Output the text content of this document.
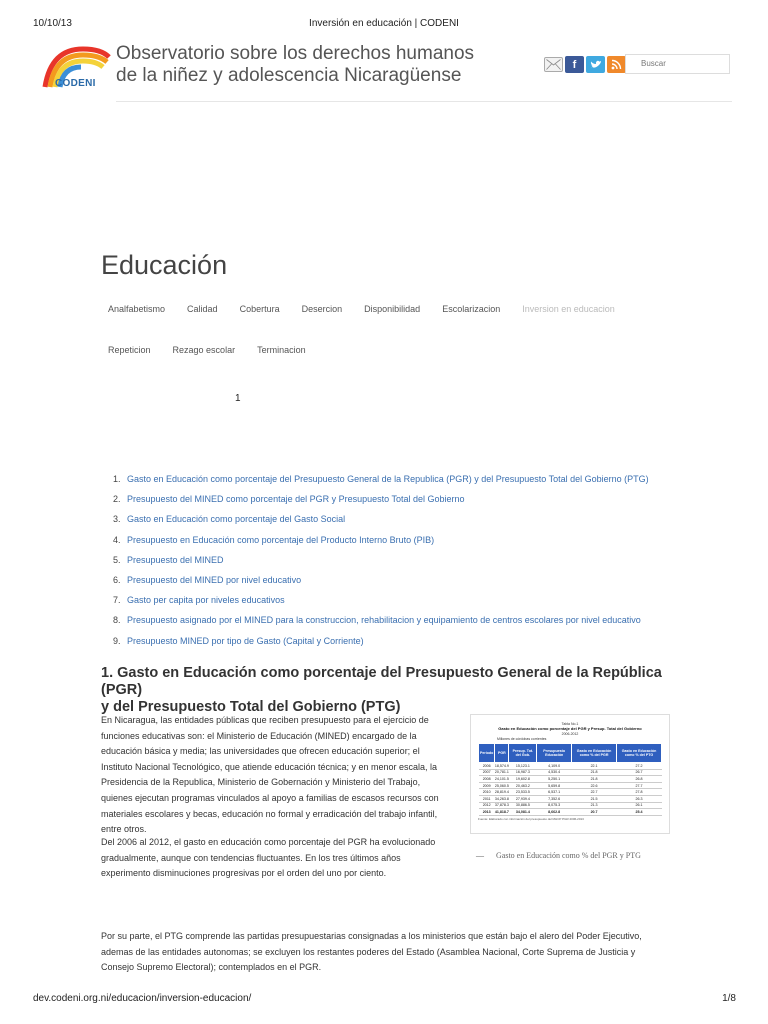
10/10/13	Inversión en educación | CODENI
CODENI
Observatorio sobre los derechos humanos
de la niñez y adolescencia Nicaragüense
f	Buscar
Educación
Analfabetismo Calidad Cobertura Desercion Disponibilidad Escolarizacion Inversion en educacion
Repeticion Rezago escolar Terminacion
1
1. Gasto en Educación como porcentaje del Presupuesto General de la Republica (PGR) y del Presupuesto Total del Gobierno (PTG)
2. Presupuesto del MINED como porcentaje del PGR y Presupuesto Total del Gobierno
3. Gasto en Educación como porcentaje del Gasto Social
4. Presupuesto en Educación como porcentaje del Producto Interno Bruto (PIB)
5. Presupuesto del MINED
6. Presupuesto del MINED por nivel educativo
7. Gasto per capita por niveles educativos
8. Presupuesto asignado por el MINED para la construccion, rehabilitacion y equipamiento de centros escolares por nivel educativo
9. Presupuesto MINED por tipo de Gasto (Capital y Corriente)
1. Gasto en Educación como porcentaje del Presupuesto General de la República (PGR)
y del Presupuesto Total del Gobierno (PTG)

En Nicaragua, las entidades públicas que reciben presupuesto para el ejercicio de
funciones educativas son: el Ministerio de Educación (MINED) encargado de la
educación básica y media; las universidades que ofrecen educación superior; el
Instituto Nacional Tecnológico, que atiende educación técnica; y en menor escala, la
Presidencia de la Republica, Ministerio de Gobernación y Ministerio del Trabajo,
quienes ejecutan programas vinculados al apoyo a familias de escasos recursos con
materiales escolares y becas, educación no formal y erradicación del trabajo infantil,
entre otros.

Del 2006 al 2012, el gasto en educación como porcentaje del PGR ha evolucionado
gradualmente, aunque con tendencias fluctuantes. En los tres últimos años
experimento disminuciones progresivas por el orden del uno por ciento.

Por su parte, el PTG comprende las partidas presupuestarias consignadas a los ministerios que están bajo el alero del Poder Ejecutivo,
ademas de las entidades autonomas; se excluyen los restantes poderes del Estado (Asamblea Nacional, Corte Suprema de Justicia y
Consejo Supremo Electoral); contemplados en el PGR.

Tabla No.1
Gasto en Educación como porcentaje del PGR y Presup. Total del Gobierno
2006-2012
Millones de córdobas corrientes
Periodo	PGR	Presup. Tot. del Gob.	Presupuesto Educación	Gasto en Educación como % del PGR	Gasto en Educación como % del PTG
2006	18,574.9	15,123.1	4,109.0	22.1	27.2
2007	20,781.1	16,987.3	4,530.4	21.8	26.7
2008	24,101.5	19,602.8	5,250.1	21.8	26.8
2009	25,060.5	20,463.2	5,659.8	22.6	27.7
2010	28,819.4	23,533.5	6,537.1	22.7	27.8
2011	34,263.8	27,939.4	7,352.6	21.5	26.3
2012	37,878.3	30,886.5	8,075.3	21.3	26.1
2013	41,818.7	34,081.4	8,662.8	20.7	25.4
Fuente: Elaborado con información del presupuesto del MHCP PGR 2006-2013
— Gasto en Educación como % del PGR y PTG
dev.codeni.org.ni/educacion/inversion-educacion/	1/8
